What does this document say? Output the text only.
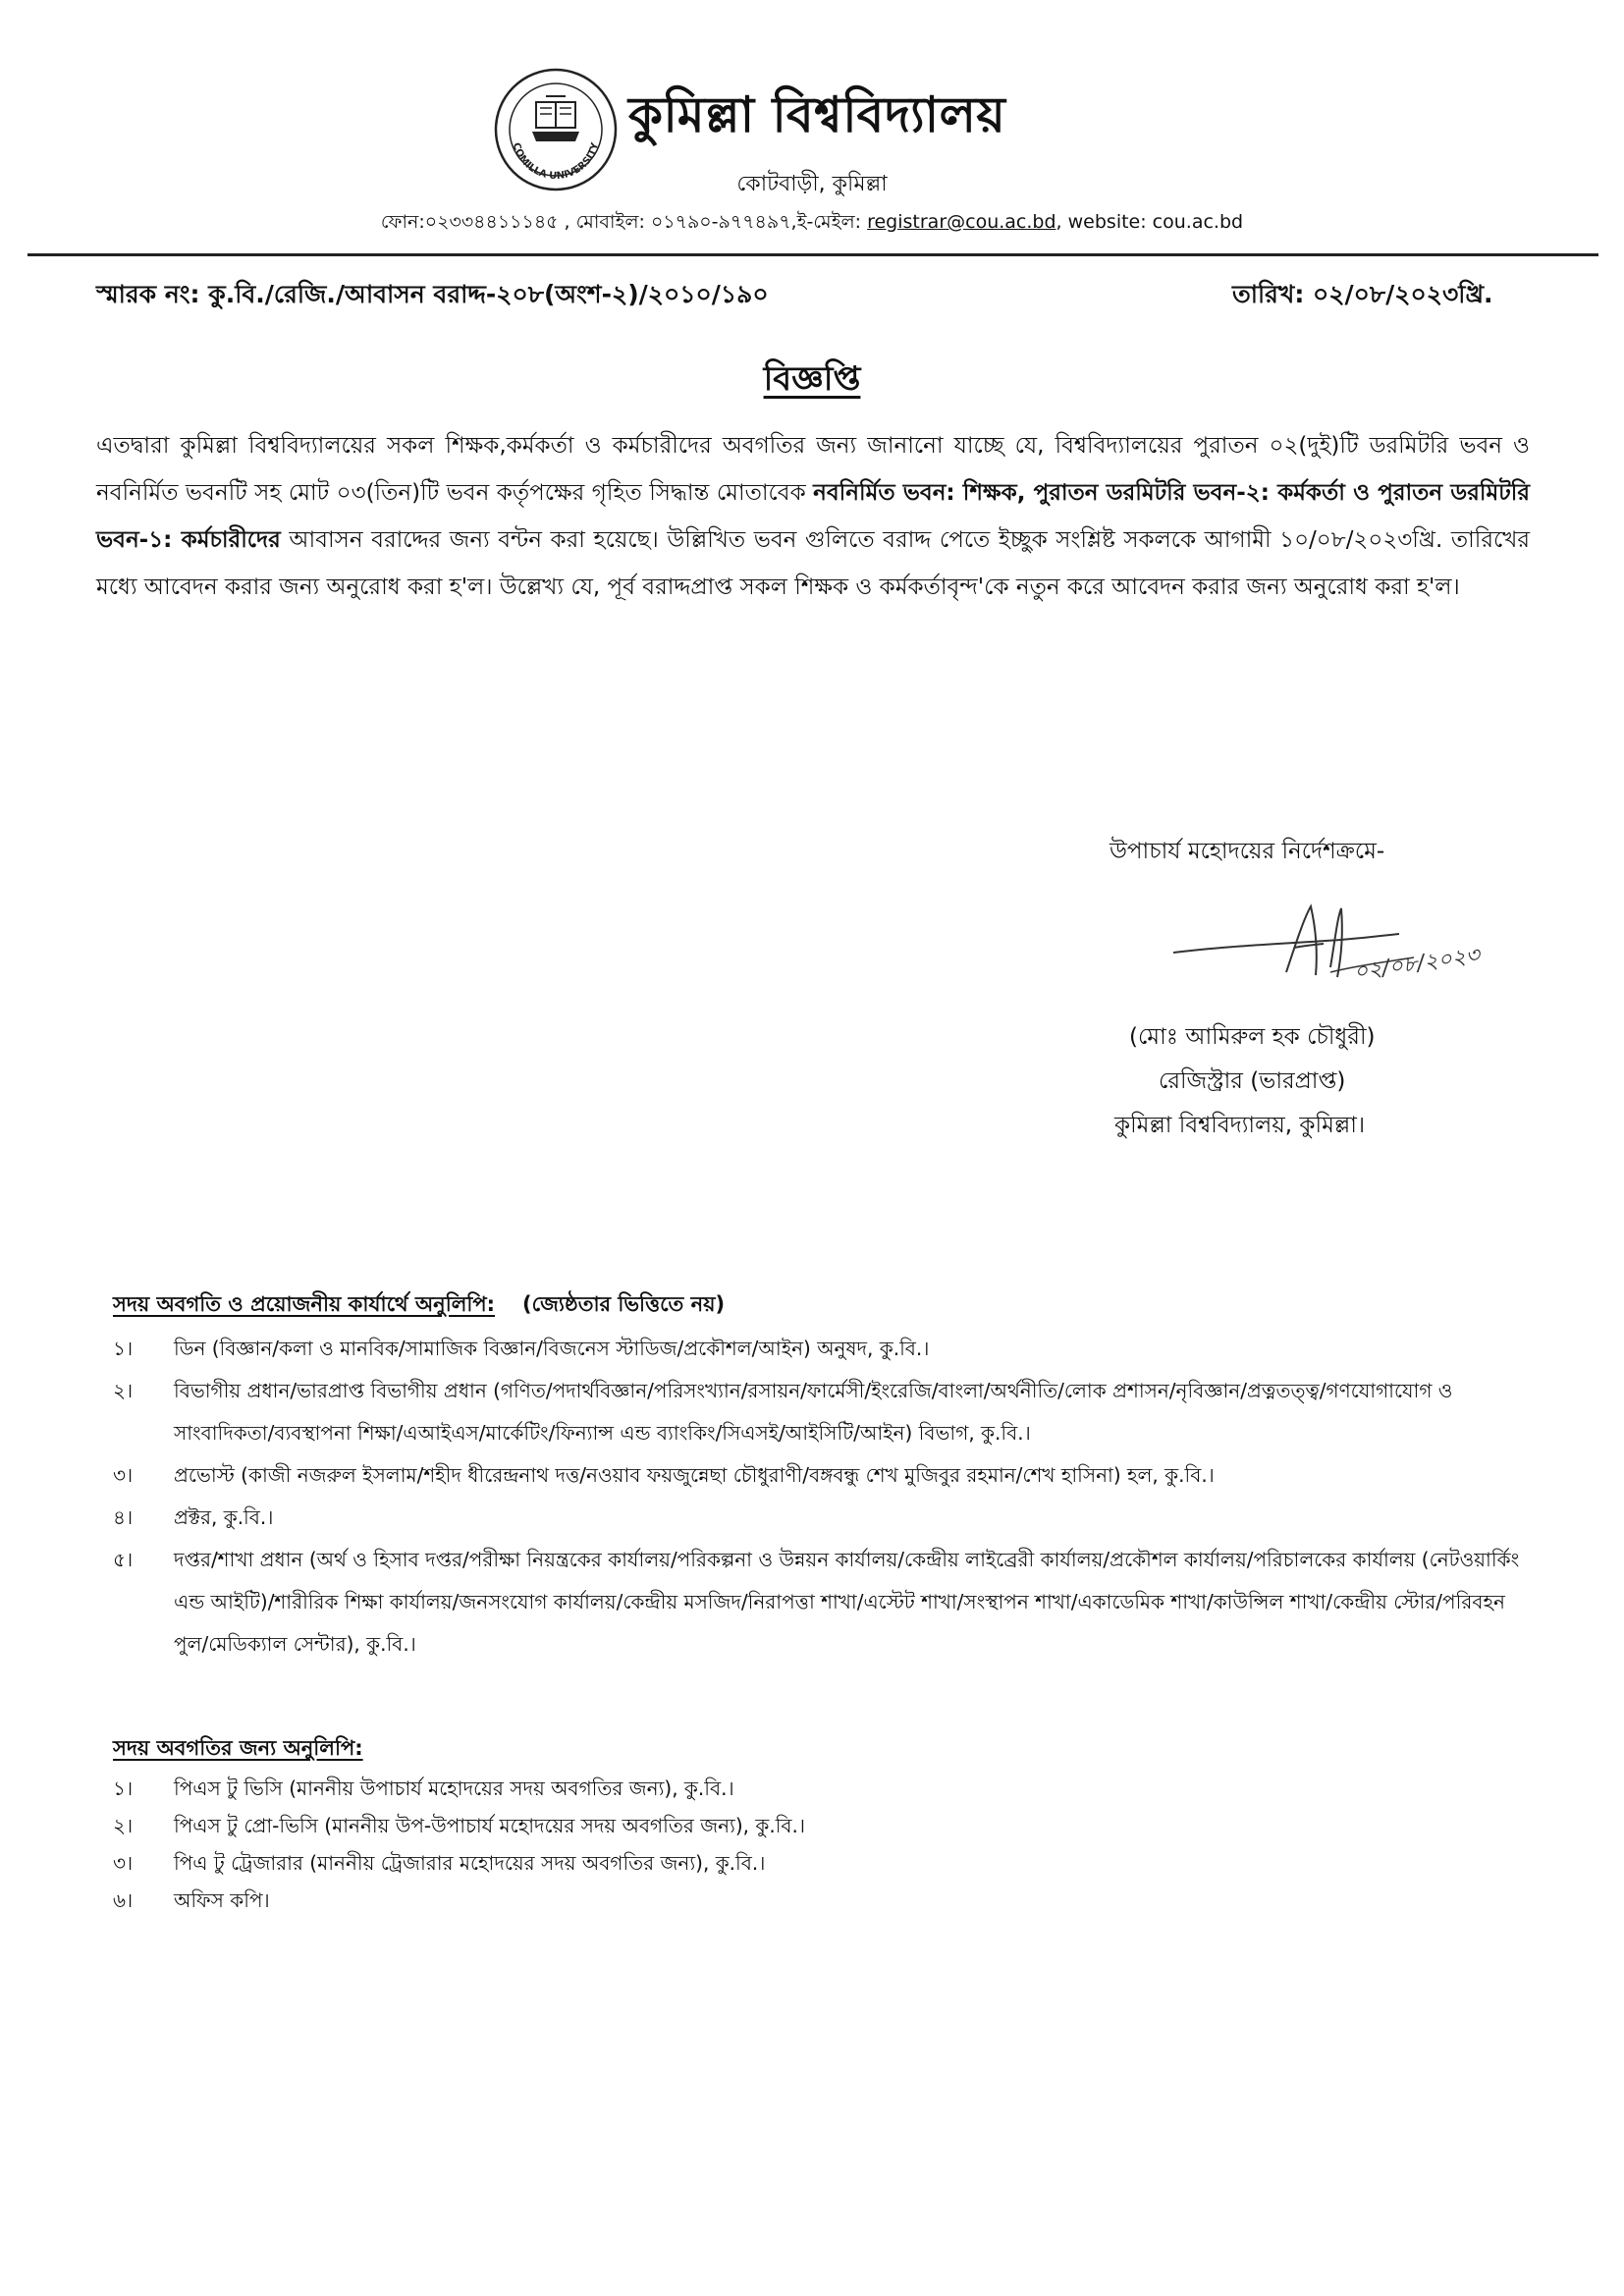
COMILLA UNIVERSITY
কুমিল্লা বিশ্ববিদ্যালয়
কোটবাড়ী, কুমিল্লা
ফোন:০২৩৩৪৪১১১৪৫ , মোবাইল: ০১৭৯০-৯৭৭৪৯৭,ই-মেইল: registrar@cou.ac.bd, website: cou.ac.bd
স্মারক নং: কু.বি./রেজি./আবাসন বরাদ্দ-২০৮(অংশ-২)/২০১০/১৯০	তারিখ: ০২/০৮/২০২৩খ্রি.
বিজ্ঞপ্তি
এতদ্বারা কুমিল্লা বিশ্ববিদ্যালয়ের সকল শিক্ষক,কর্মকর্তা ও কর্মচারীদের অবগতির জন্য জানানো যাচ্ছে যে, বিশ্ববিদ্যালয়ের পুরাতন ০২(দুই)টি ডরমিটরি ভবন ও নবনির্মিত ভবনটি সহ মোট ০৩(তিন)টি ভবন কর্তৃপক্ষের গৃহিত সিদ্ধান্ত মোতাবেক নবনির্মিত ভবন: শিক্ষক, পুরাতন ডরমিটরি ভবন-২: কর্মকর্তা ও পুরাতন ডরমিটরি ভবন-১: কর্মচারীদের আবাসন বরাদ্দের জন্য বন্টন করা হয়েছে। উল্লিখিত ভবন গুলিতে বরাদ্দ পেতে ইচ্ছুক সংশ্লিষ্ট সকলকে আগামী ১০/০৮/২০২৩খ্রি. তারিখের মধ্যে আবেদন করার জন্য অনুরোধ করা হ'ল। উল্লেখ্য যে, পূর্ব বরাদ্দপ্রাপ্ত সকল শিক্ষক ও কর্মকর্তাবৃন্দ'কে নতুন করে আবেদন করার জন্য অনুরোধ করা হ'ল।
উপাচার্য মহোদয়ের নির্দেশক্রমে-
০২/০৮/২০২৩
(মোঃ আমিরুল হক চৌধুরী)
রেজিস্ট্রার (ভারপ্রাপ্ত)
কুমিল্লা বিশ্ববিদ্যালয়, কুমিল্লা।
সদয় অবগতি ও প্রয়োজনীয় কার্যার্থে অনুলিপি: (জ্যেষ্ঠতার ভিত্তিতে নয়)
১।	ডিন (বিজ্ঞান/কলা ও মানবিক/সামাজিক বিজ্ঞান/বিজনেস স্টাডিজ/প্রকৌশল/আইন) অনুষদ, কু.বি.।
২।	বিভাগীয় প্রধান/ভারপ্রাপ্ত বিভাগীয় প্রধান (গণিত/পদার্থবিজ্ঞান/পরিসংখ্যান/রসায়ন/ফার্মেসী/ইংরেজি/বাংলা/অর্থনীতি/লোক প্রশাসন/নৃবিজ্ঞান/প্রত্নতত্ত্ব/গণযোগাযোগ ও সাংবাদিকতা/ব্যবস্থাপনা শিক্ষা/এআইএস/মার্কেটিং/ফিন্যান্স এন্ড ব্যাংকিং/সিএসই/আইসিটি/আইন) বিভাগ, কু.বি.।
৩।	প্রভোস্ট (কাজী নজরুল ইসলাম/শহীদ ধীরেন্দ্রনাথ দত্ত/নওয়াব ফয়জুন্নেছা চৌধুরাণী/বঙ্গবন্ধু শেখ মুজিবুর রহমান/শেখ হাসিনা) হল, কু.বি.।
৪।	প্রক্টর, কু.বি.।
৫।	দপ্তর/শাখা প্রধান (অর্থ ও হিসাব দপ্তর/পরীক্ষা নিয়ন্ত্রকের কার্যালয়/পরিকল্পনা ও উন্নয়ন কার্যালয়/কেন্দ্রীয় লাইব্রেরী কার্যালয়/প্রকৌশল কার্যালয়/পরিচালকের কার্যালয় (নেটওয়ার্কিং এন্ড আইটি)/শারীরিক শিক্ষা কার্যালয়/জনসংযোগ কার্যালয়/কেন্দ্রীয় মসজিদ/নিরাপত্তা শাখা/এস্টেট শাখা/সংস্থাপন শাখা/একাডেমিক শাখা/কাউন্সিল শাখা/কেন্দ্রীয় স্টোর/পরিবহন পুল/মেডিক্যাল সেন্টার), কু.বি.।
সদয় অবগতির জন্য অনুলিপি:
১।	পিএস টু ভিসি (মাননীয় উপাচার্য মহোদয়ের সদয় অবগতির জন্য), কু.বি.।
২।	পিএস টু প্রো-ভিসি (মাননীয় উপ-উপাচার্য মহোদয়ের সদয় অবগতির জন্য), কু.বি.।
৩।	পিএ টু ট্রেজারার (মাননীয় ট্রেজারার মহোদয়ের সদয় অবগতির জন্য), কু.বি.।
৬।	অফিস কপি।
